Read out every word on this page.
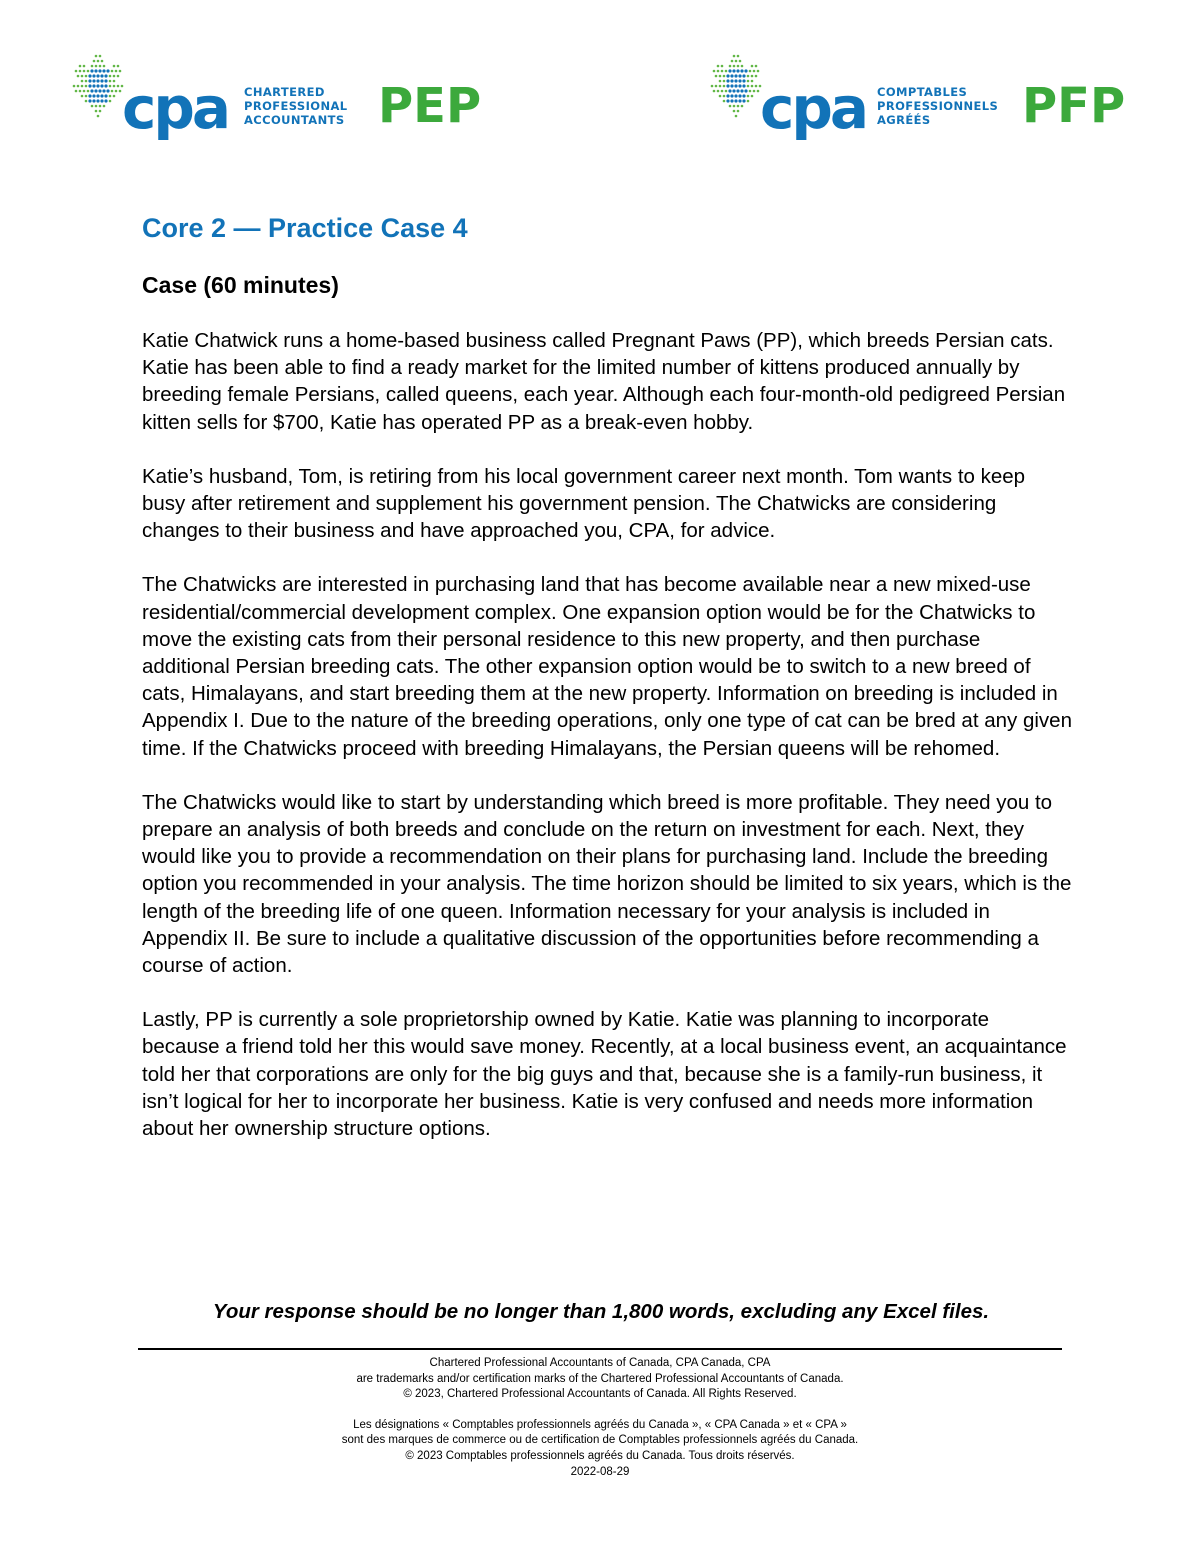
cpa CHARTERED
PROFESSIONAL
ACCOUNTANTS PEP	cpa COMPTABLES
PROFESSIONNELS
AGRÉÉS	PFP
Core 2 — Practice Case 4
Case (60 minutes)

Katie Chatwick runs a home-based business called Pregnant Paws (PP), which breeds Persian cats. Katie has been able to find a ready market for the limited number of kittens produced annually by breeding female Persians, called queens, each year. Although each four-month-old pedigreed Persian kitten sells for $700, Katie has operated PP as a break-even hobby.

Katie’s husband, Tom, is retiring from his local government career next month. Tom wants to keep busy after retirement and supplement his government pension. The Chatwicks are considering changes to their business and have approached you, CPA, for advice.

The Chatwicks are interested in purchasing land that has become available near a new mixed-use residential/commercial development complex. One expansion option would be for the Chatwicks to move the existing cats from their personal residence to this new property, and then purchase additional Persian breeding cats. The other expansion option would be to switch to a new breed of cats, Himalayans, and start breeding them at the new property. Information on breeding is included in Appendix I. Due to the nature of the breeding operations, only one type of cat can be bred at any given time. If the Chatwicks proceed with breeding Himalayans, the Persian queens will be rehomed.

The Chatwicks would like to start by understanding which breed is more profitable. They need you to prepare an analysis of both breeds and conclude on the return on investment for each. Next, they would like you to provide a recommendation on their plans for purchasing land. Include the breeding option you recommended in your analysis. The time horizon should be limited to six years, which is the length of the breeding life of one queen. Information necessary for your analysis is included in Appendix II. Be sure to include a qualitative discussion of the opportunities before recommending a course of action.

Lastly, PP is currently a sole proprietorship owned by Katie. Katie was planning to incorporate because a friend told her this would save money. Recently, at a local business event, an acquaintance told her that corporations are only for the big guys and that, because she is a family-run business, it isn’t logical for her to incorporate her business. Katie is very confused and needs more information about her ownership structure options.

Your response should be no longer than 1,800 words, excluding any Excel files.

Chartered Professional Accountants of Canada, CPA Canada, CPA
are trademarks and/or certification marks of the Chartered Professional Accountants of Canada.
© 2023, Chartered Professional Accountants of Canada. All Rights Reserved.
Les désignations « Comptables professionnels agréés du Canada », « CPA Canada » et « CPA »
sont des marques de commerce ou de certification de Comptables professionnels agréés du Canada.
© 2023 Comptables professionnels agréés du Canada. Tous droits réservés.
2022-08-29
